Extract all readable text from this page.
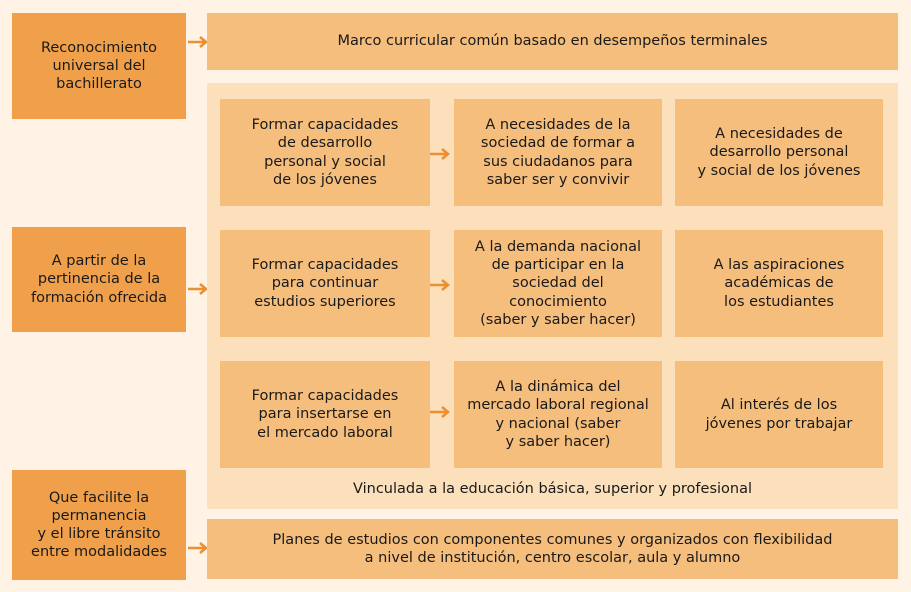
Reconocimiento
universal del
bachillerato
A partir de la
pertinencia de la
formación ofrecida
Que facilite la
permanencia
y el libre tránsito
entre modalidades
Marco curricular común basado en desempeños terminales
Formar capacidades
de desarrollo
personal y social
de los jóvenes
A necesidades de la
sociedad de formar a
sus ciudadanos para
saber ser y convivir
A necesidades de
desarrollo personal
y social de los jóvenes
Formar capacidades
para continuar
estudios superiores
A la demanda nacional
de participar en la
sociedad del conocimiento
(saber y saber hacer)
A las aspiraciones
académicas de
los estudiantes
Formar capacidades
para insertarse en
el mercado laboral
A la dinámica del
mercado laboral regional
y nacional (saber
y saber hacer)
Al interés de los
jóvenes por trabajar
Vinculada a la educación básica, superior y profesional
Planes de estudios con componentes comunes y organizados con flexibilidad
a nivel de institución, centro escolar, aula y alumno
